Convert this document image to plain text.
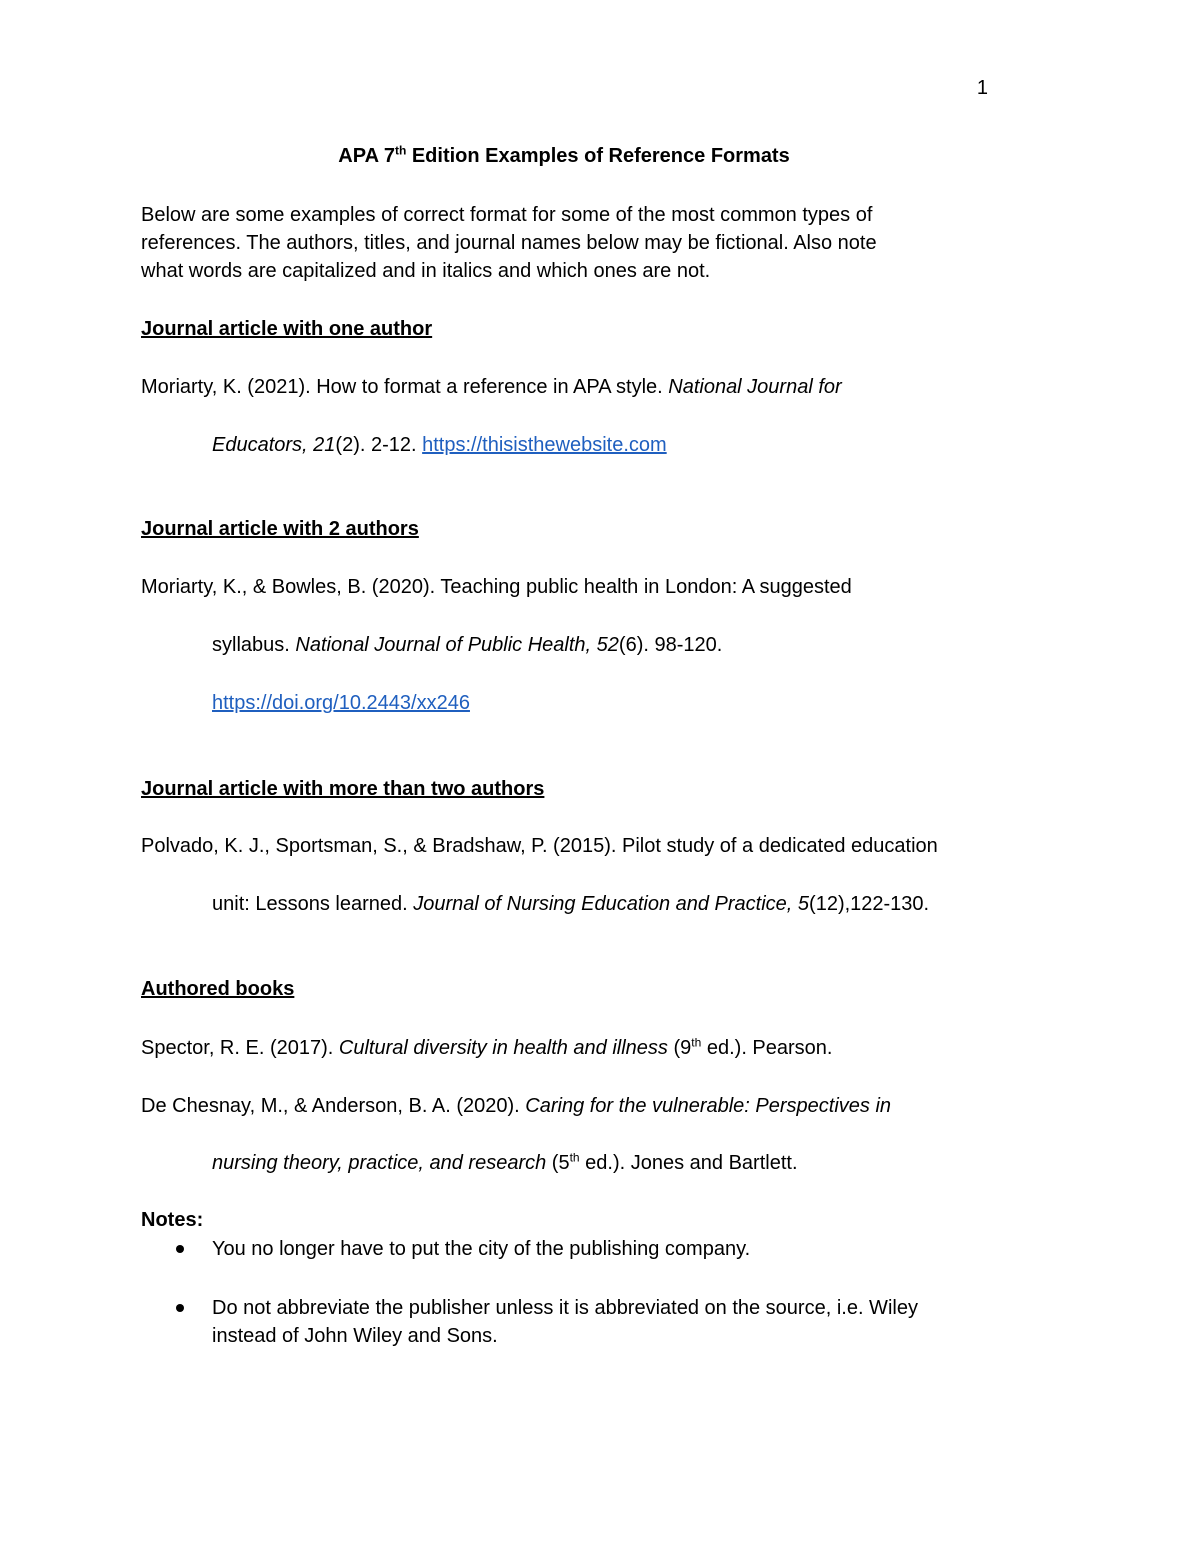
1
APA 7th Edition Examples of Reference Formats
Below are some examples of correct format for some of the most common types of
references. The authors, titles, and journal names below may be fictional. Also note
what words are capitalized and in italics and which ones are not.
Journal article with one author
Moriarty, K. (2021). How to format a reference in APA style. National Journal for
Educators, 21(2). 2-12. https://thisisthewebsite.com
Journal article with 2 authors
Moriarty, K., & Bowles, B. (2020). Teaching public health in London: A suggested
syllabus. National Journal of Public Health, 52(6). 98-120.
https://doi.org/10.2443/xx246
Journal article with more than two authors
Polvado, K. J., Sportsman, S., & Bradshaw, P. (2015). Pilot study of a dedicated education
unit: Lessons learned. Journal of Nursing Education and Practice, 5(12),122-130.
Authored books
Spector, R. E. (2017). Cultural diversity in health and illness (9th ed.). Pearson.
De Chesnay, M., & Anderson, B. A. (2020). Caring for the vulnerable: Perspectives in
nursing theory, practice, and research (5th ed.). Jones and Bartlett.
Notes:
You no longer have to put the city of the publishing company.
Do not abbreviate the publisher unless it is abbreviated on the source, i.e. Wiley
instead of John Wiley and Sons.
